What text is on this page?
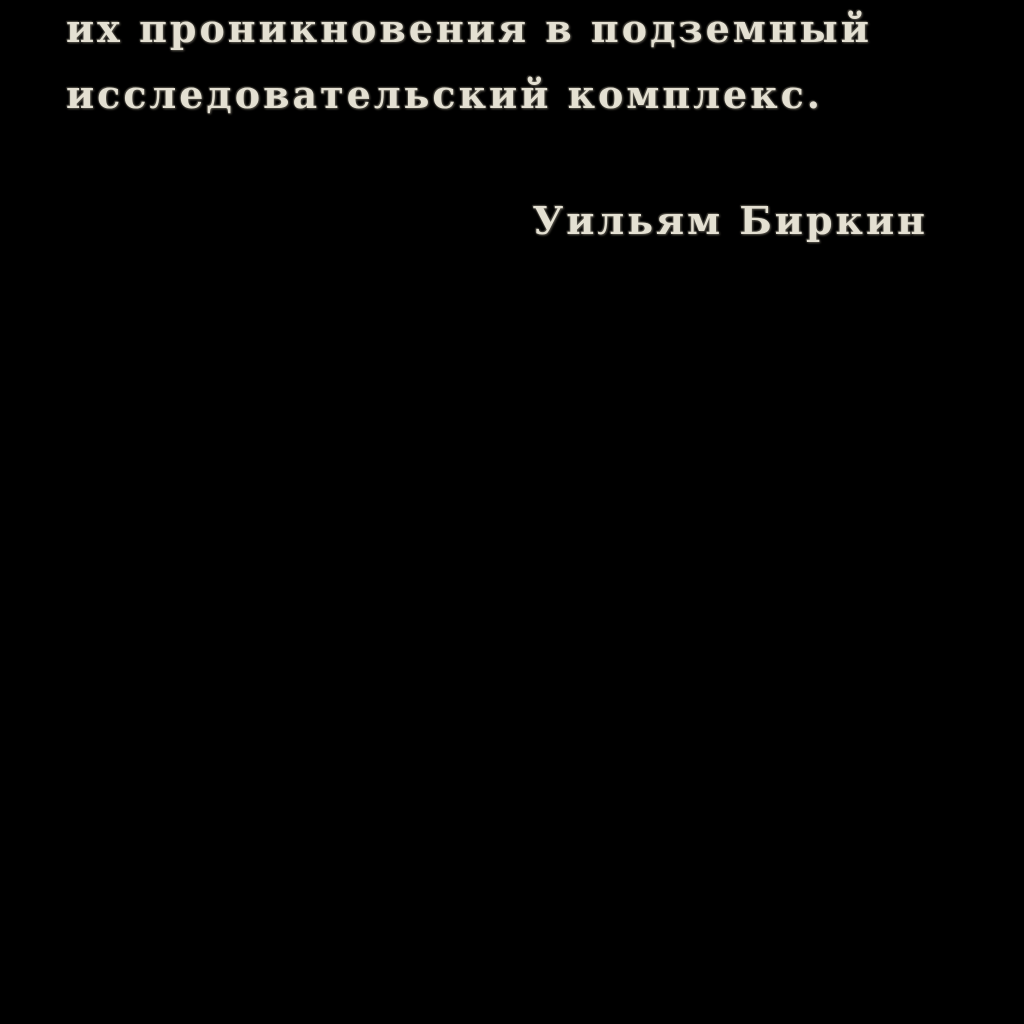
их проникновения в подземный

исследовательский комплекс.

Уильям Биркин
